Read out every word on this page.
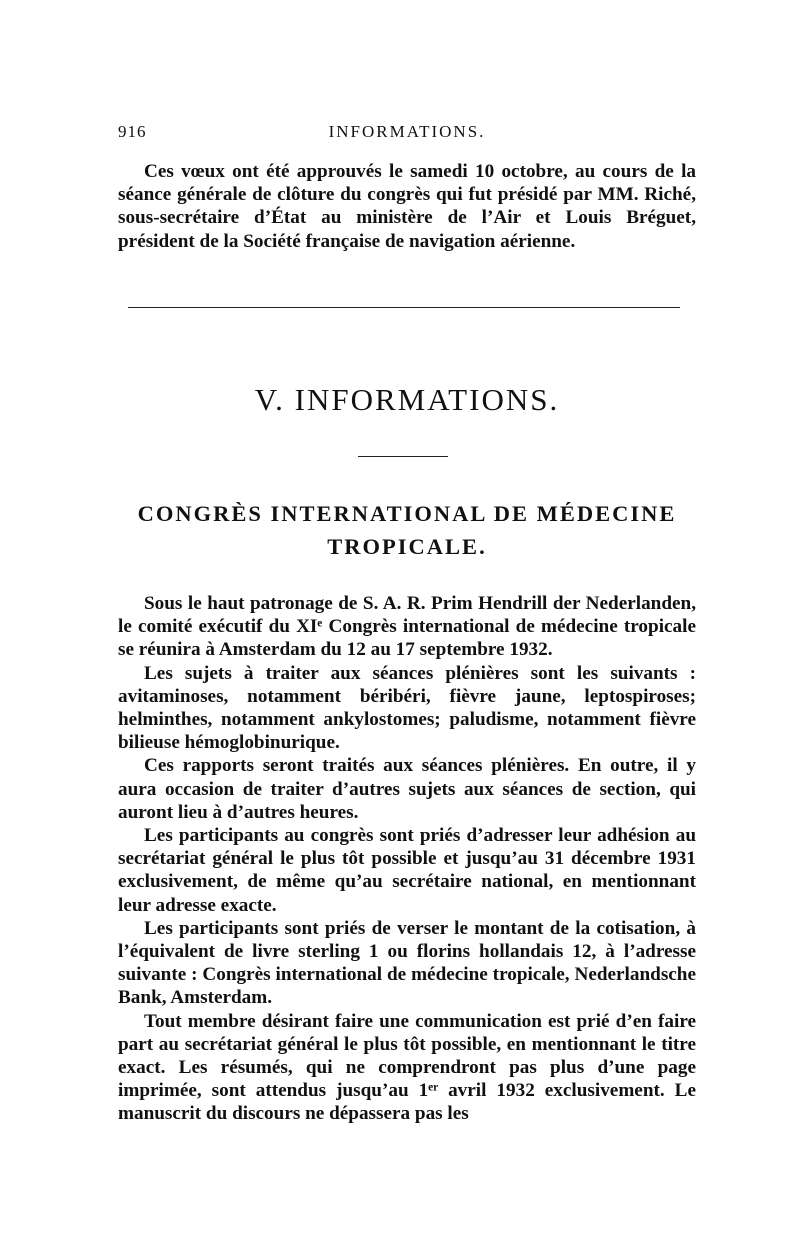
916	INFORMATIONS.

Ces vœux ont été approuvés le samedi 10 octobre, au cours de la séance générale de clôture du congrès qui fut présidé par MM. Riché, sous-secrétaire d’État au ministère de l’Air et Louis Bréguet, président de la Société française de navigation aérienne.

V. INFORMATIONS.
CONGRÈS INTERNATIONAL DE MÉDECINE
TROPICALE.

Sous le haut patronage de S. A. R. Prim Hendrill der Nederlanden, le comité exécutif du XIᵉ Congrès international de médecine tropicale se réunira à Amsterdam du 12 au 17 septembre 1932.

Les sujets à traiter aux séances plénières sont les suivants : avitaminoses, notamment béribéri, fièvre jaune, leptospiroses; helminthes, notamment ankylostomes; paludisme, notamment fièvre bilieuse hémoglobinurique.

Ces rapports seront traités aux séances plénières. En outre, il y aura occasion de traiter d’autres sujets aux séances de section, qui auront lieu à d’autres heures.

Les participants au congrès sont priés d’adresser leur adhésion au secrétariat général le plus tôt possible et jusqu’au 31 décembre 1931 exclusivement, de même qu’au secrétaire national, en mentionnant leur adresse exacte.

Les participants sont priés de verser le montant de la cotisation, à l’équivalent de livre sterling 1 ou florins hollandais 12, à l’adresse suivante : Congrès international de médecine tropicale, Nederlandsche Bank, Amsterdam.

Tout membre désirant faire une communication est prié d’en faire part au secrétariat général le plus tôt possible, en mentionnant le titre exact. Les résumés, qui ne comprendront pas plus d’une page imprimée, sont attendus jusqu’au 1ᵉʳ avril 1932 exclusivement. Le manuscrit du discours ne dépassera pas les
